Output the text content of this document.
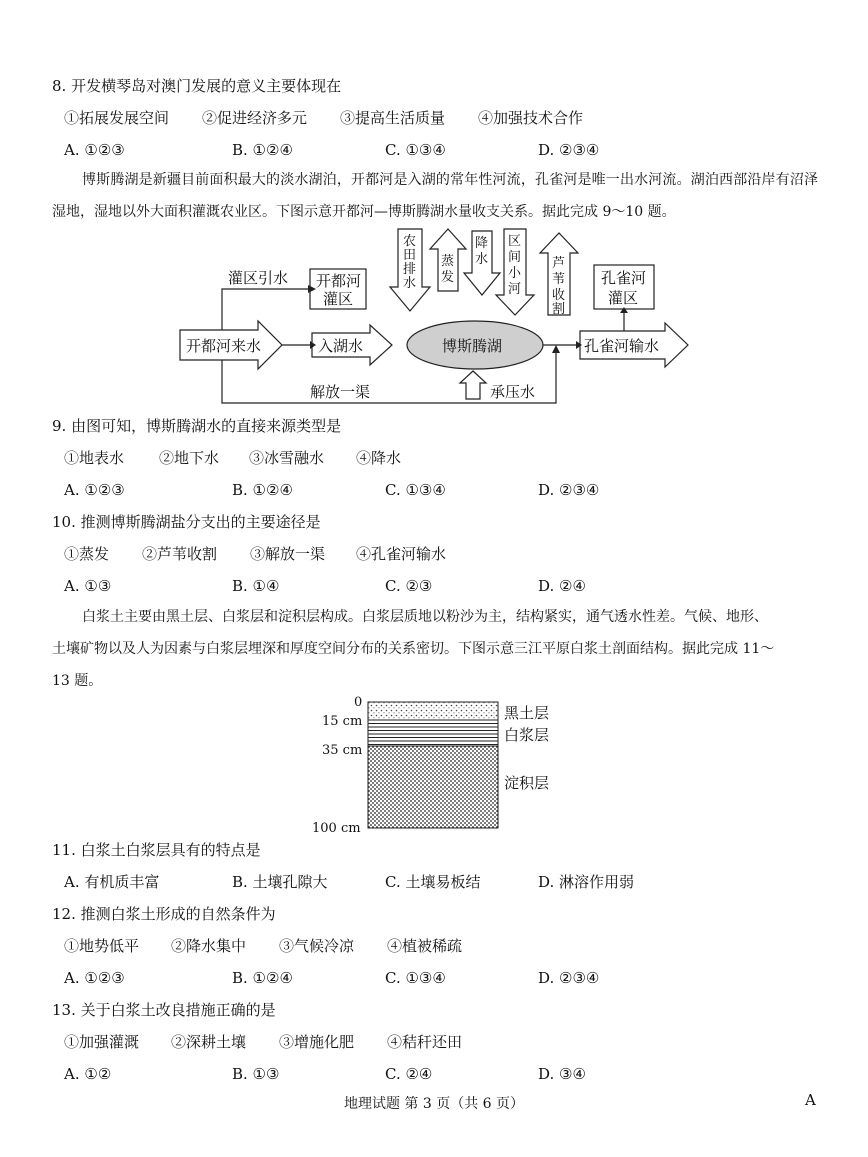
8. 开发横琴岛对澳门发展的意义主要体现在
①拓展发展空间 ②促进经济多元 ③提高生活质量 ④加强技术合作
A. ①②③	B. ①②④	C. ①③④	D. ②③④
博斯腾湖是新疆目前面积最大的淡水湖泊，开都河是入湖的常年性河流，孔雀河是唯一出水河流。湖泊西部沿岸有沼泽湿地，湿地以外大面积灌溉农业区。下图示意开都河—博斯腾湖水量收支关系。据此完成 9～10 题。
开都河来水
灌区引水 开都河
灌区
入湖水	博斯腾湖	孔雀河输水
孔雀河
灌区
解放一渠	承压水
农
田
排
水
蒸
发
降
水
区
间
小
河
芦
苇
收
割
9. 由图可知，博斯腾湖水的直接来源类型是
①地表水 ②地下水 ③冰雪融水 ④降水
A. ①②③	B. ①②④	C. ①③④	D. ②③④
10. 推测博斯腾湖盐分支出的主要途径是
①蒸发 ②芦苇收割 ③解放一渠 ④孔雀河输水
A. ①③	B. ①④	C. ②③	D. ②④
白浆土主要由黑土层、白浆层和淀积层构成。白浆层质地以粉沙为主，结构紧实，通气透水性差。气候、地形、
土壤矿物以及人为因素与白浆层埋深和厚度空间分布的关系密切。下图示意三江平原白浆土剖面结构。据此完成 11～
13 题。
0
15 cm
35 cm
100 cm
黑土层
白浆层
淀积层
11. 白浆土白浆层具有的特点是
A. 有机质丰富	B. 土壤孔隙大	C. 土壤易板结	D. 淋溶作用弱
12. 推测白浆土形成的自然条件为
①地势低平 ②降水集中 ③气候冷凉 ④植被稀疏
A. ①②③	B. ①②④	C. ①③④	D. ②③④
13. 关于白浆土改良措施正确的是
①加强灌溉 ②深耕土壤 ③增施化肥 ④秸秆还田
A. ①②	B. ①③	C. ②④	D. ③④
地理试题 第 3 页（共 6 页）	A
